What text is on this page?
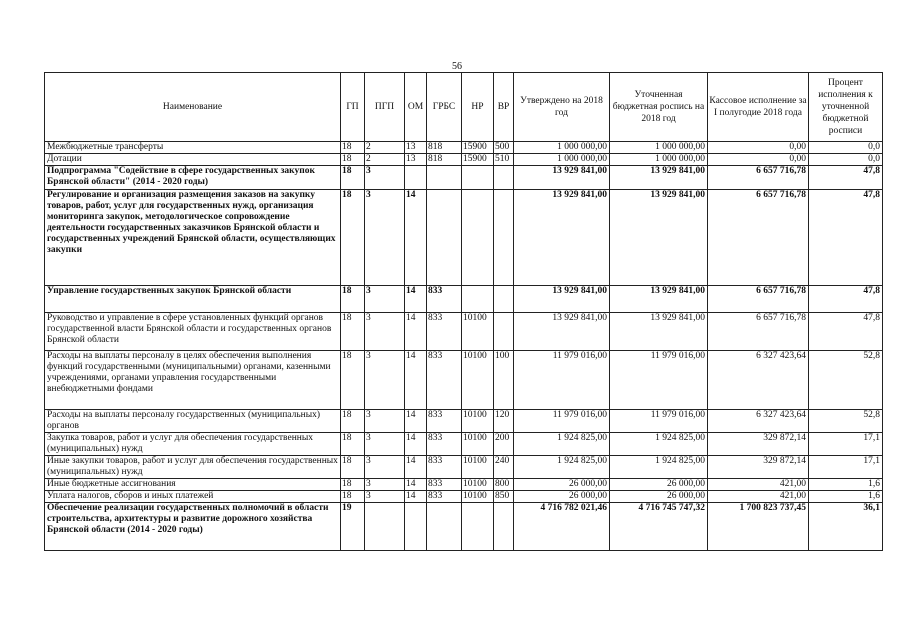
56
Наименование	ГП	ПГП	ОМ	ГРБС	НР	ВР	Утверждено на 2018 год	Уточненная бюджетная роспись на 2018 год	Кассовое исполнение за I полугодие 2018 года	Процент исполнения к уточненной бюджетной росписи
Межбюджетные трансферты	18	2	13	818	15900	500	1 000 000,00	1 000 000,00	0,00	0,0
Дотации	18	2	13	818	15900	510	1 000 000,00	1 000 000,00	0,00	0,0
Подпрограмма "Содействие в сфере государственных закупок Брянской области" (2014 - 2020 годы)	18	3					13 929 841,00	13 929 841,00	6 657 716,78	47,8
Регулирование и организация размещения заказов на закупку товаров, работ, услуг для государственных нужд, организация мониторинга закупок, методологическое сопровождение деятельности государственных заказчиков Брянской области и государственных учреждений Брянской области, осуществляющих закупки	18	3	14				13 929 841,00	13 929 841,00	6 657 716,78	47,8
Управление государственных закупок Брянской области	18	3	14	833			13 929 841,00	13 929 841,00	6 657 716,78	47,8
Руководство и управление в сфере установленных функций органов государственной власти Брянской области и государственных органов Брянской области	18	3	14	833	10100		13 929 841,00	13 929 841,00	6 657 716,78	47,8
Расходы на выплаты персоналу в целях обеспечения выполнения функций государственными (муниципальными) органами, казенными учреждениями, органами управления государственными внебюджетными фондами	18	3	14	833	10100	100	11 979 016,00	11 979 016,00	6 327 423,64	52,8
Расходы на выплаты персоналу государственных (муниципальных) органов	18	3	14	833	10100	120	11 979 016,00	11 979 016,00	6 327 423,64	52,8
Закупка товаров, работ и услуг для обеспечения государственных (муниципальных) нужд	18	3	14	833	10100	200	1 924 825,00	1 924 825,00	329 872,14	17,1
Иные закупки товаров, работ и услуг для обеспечения государственных (муниципальных) нужд	18	3	14	833	10100	240	1 924 825,00	1 924 825,00	329 872,14	17,1
Иные бюджетные ассигнования	18	3	14	833	10100	800	26 000,00	26 000,00	421,00	1,6
Уплата налогов, сборов и иных платежей	18	3	14	833	10100	850	26 000,00	26 000,00	421,00	1,6
Обеспечение реализации государственных полномочий в области строительства, архитектуры и развитие дорожного хозяйства Брянской области (2014 - 2020 годы)	19						4 716 782 021,46	4 716 745 747,32	1 700 823 737,45	36,1
